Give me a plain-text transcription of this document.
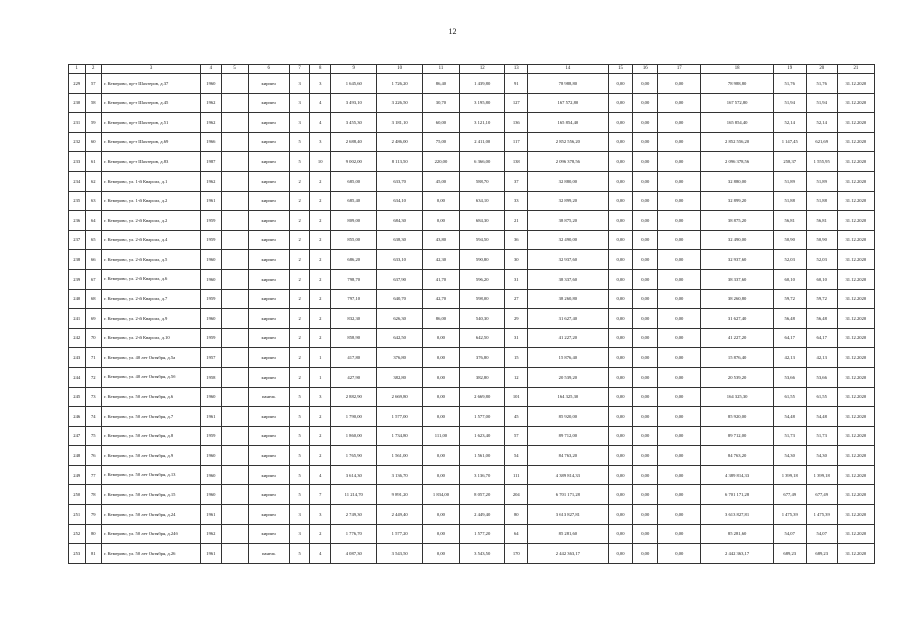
12
1	2	3	4	5	6	7	8	9	10	11	12	13	14	15	16	17	18	19	20	21
229	57	г. Кемерово, пр-т Шахтеров, д.37	1960		кирпич	3	3	1 645,60	1 726,20	86,40	1 439,80	91	78 988,80	0,00	0,00	0,00	78 988,80	51,76	51,76	31.12.2020
230	58	г. Кемерово, пр-т Шахтеров, д.45	1962		кирпич	3	4	3 493,10	3 226,50	30,70	3 195,80	127	167 572,80	0,00	0,00	0,00	167 572,80	51,94	51,94	31.12.2020
231	59	г. Кемерово, пр-т Шахтеров, д.51	1962		кирпич	3	4	3 455,30	3 181,10	60,00	3 121,10	136	165 854,40	0,00	0,00	0,00	165 854,40	52,14	52,14	31.12.2020
232	60	г. Кемерово, пр-т Шахтеров, д.69	1966		кирпич	5	3	2 688,40	2 486,00	75,00	2 411,00	117	2 852 556,20	0,00	0,00	0,00	2 852 556,20	1 147,45	621,69	31.12.2020
233	61	г. Кемерово, пр-т Шахтеров, д.83	1987		кирпич	5	10	9 002,00	8 113,50	220,00	6 366,00	138	2 096 378,56	0,00	0,00	0,00	2 096 378,56	258,37	1 555,95	31.12.2020
234	62	г. Кемерово, ул. 1-й Кварсил, д.1	1962		кирпич	2	2	685,00	633,70	45,00	588,70	37	32 880,00	0,00	0,00	0,00	32 880,00	51,89	51,89	31.12.2020
235	63	г. Кемерово, ул. 1-й Кварсил, д.2	1961		кирпич	2	2	685,40	634,10	0,00	634,10	33	32 899,20	0,00	0,00	0,00	32 899,20	51,88	51,88	31.12.2020
236	64	г. Кемерово, ул. 2-й Кварсил, д.2	1959		кирпич	2	2	809,00	684,30	0,00	684,30	21	38 875,20	0,00	0,00	0,00	38 875,20	56,81	56,81	31.12.2020
237	65	г. Кемерово, ул. 2-й Кварсил, д.4	1959		кирпич	2	2	855,00	638,30	43,80	594,50	36	32 490,00	0,00	0,00	0,00	32 490,00	50,90	50,90	31.12.2020
238	66	г. Кемерово, ул. 2-й Кварсил, д.5	1960		кирпич	2	2	686,20	633,10	42,30	590,80	30	32 937,60	0,00	0,00	0,00	32 937,60	52,03	52,03	31.12.2020
239	67	г. Кемерово, ул. 2-й Кварсил, д.6	1960		кирпич	2	2	798,70	637,90	41,70	596,20	31	38 337,60	0,00	0,00	0,00	38 337,60	60,10	60,10	31.12.2020
240	68	г. Кемерово, ул. 2-й Кварсил, д.7	1959		кирпич	2	2	797,10	640,70	42,70	598,00	27	38 260,80	0,00	0,00	0,00	38 260,80	59,72	59,72	31.12.2020
241	69	г. Кемерово, ул. 2-й Кварсил, д.9	1960		кирпич	2	2	832,30	626,30	86,00	540,30	29	31 627,40	0,00	0,00	0,00	31 627,40	56,48	56,48	31.12.2020
242	70	г. Кемерово, ул. 2-й Кварсил, д.10	1959		кирпич	2	2	858,90	642,50	0,00	642,50	31	41 227,20	0,00	0,00	0,00	41 227,20	64,17	64,17	31.12.2020
243	71	г. Кемерово, ул. 40 лет Октября, д.5а	1957		кирпич	2	1	417,80	376,80	0,00	376,80	15	15 876,40	0,00	0,00	0,00	15 876,40	42,13	42,13	31.12.2020
244	72	г. Кемерово, ул. 40 лет Октября, д.5б	1958		кирпич	2	1	427,90	382,80	0,00	382,80	12	20 539,20	0,00	0,00	0,00	20 539,20	53,66	53,66	31.12.2020
245	73	г. Кемерово, ул. 50 лет Октября, д.6	1960		панель	5	3	2 882,90	2 669,80	0,00	2 669,80	101	164 325,30	0,00	0,00	0,00	164 325,30	61,55	61,55	31.12.2020
246	74	г. Кемерово, ул. 50 лет Октября, д.7	1961		кирпич	5	2	1 790,00	1 577,00	0,00	1 577,00	45	85 920,00	0,00	0,00	0,00	85 920,00	54,48	54,48	31.12.2020
247	75	г. Кемерово, ул. 50 лет Октября, д.8	1959		кирпич	5	2	1 860,00	1 734,80	111,00	1 623,40	57	89 712,00	0,00	0,00	0,00	89 712,00	51,73	51,73	31.12.2020
248	76	г. Кемерово, ул. 50 лет Октября, д.9	1960		кирпич	5	2	1 765,90	1 561,00	0,00	1 561,00	54	84 763,20	0,00	0,00	0,00	84 763,20	54,30	54,30	31.12.2020
249	77	г. Кемерово, ул. 50 лет Октября, д.13	1960		кирпич	5	4	3 614,30	3 136,70	0,00	3 136,70	111	4 389 814,33	0,00	0,00	0,00	4 389 814,33	1 399,18	1 399,18	31.12.2020
250	78	г. Кемерово, ул. 50 лет Октября, д.15	1960		кирпич	5	7	11 214,70	9 891,20	1 834,00	8 057,20	204	6 701 171,28	0,00	0,00	0,00	6 701 171,28	677,49	677,49	31.12.2020
251	79	г. Кемерово, ул. 50 лет Октября, д.24	1961		кирпич	3	3	2 749,30	2 449,40	0,00	2 449,40	80	3 613 827,81	0,00	0,00	0,00	3 613 827,81	1 475,39	1 475,39	31.12.2020
252	80	г. Кемерово, ул. 50 лет Октября, д.24б	1962		кирпич	3	2	1 776,70	1 577,20	0,00	1 577,20	64	85 281,60	0,00	0,00	0,00	85 281,60	54,07	54,07	31.12.2020
253	81	г. Кемерово, ул. 50 лет Октября, д.26	1961		панель	5	4	4 087,30	3 543,50	0,00	3 543,50	170	2 442 363,17	0,00	0,00	0,00	2 442 363,17	689,23	689,23	31.12.2020
